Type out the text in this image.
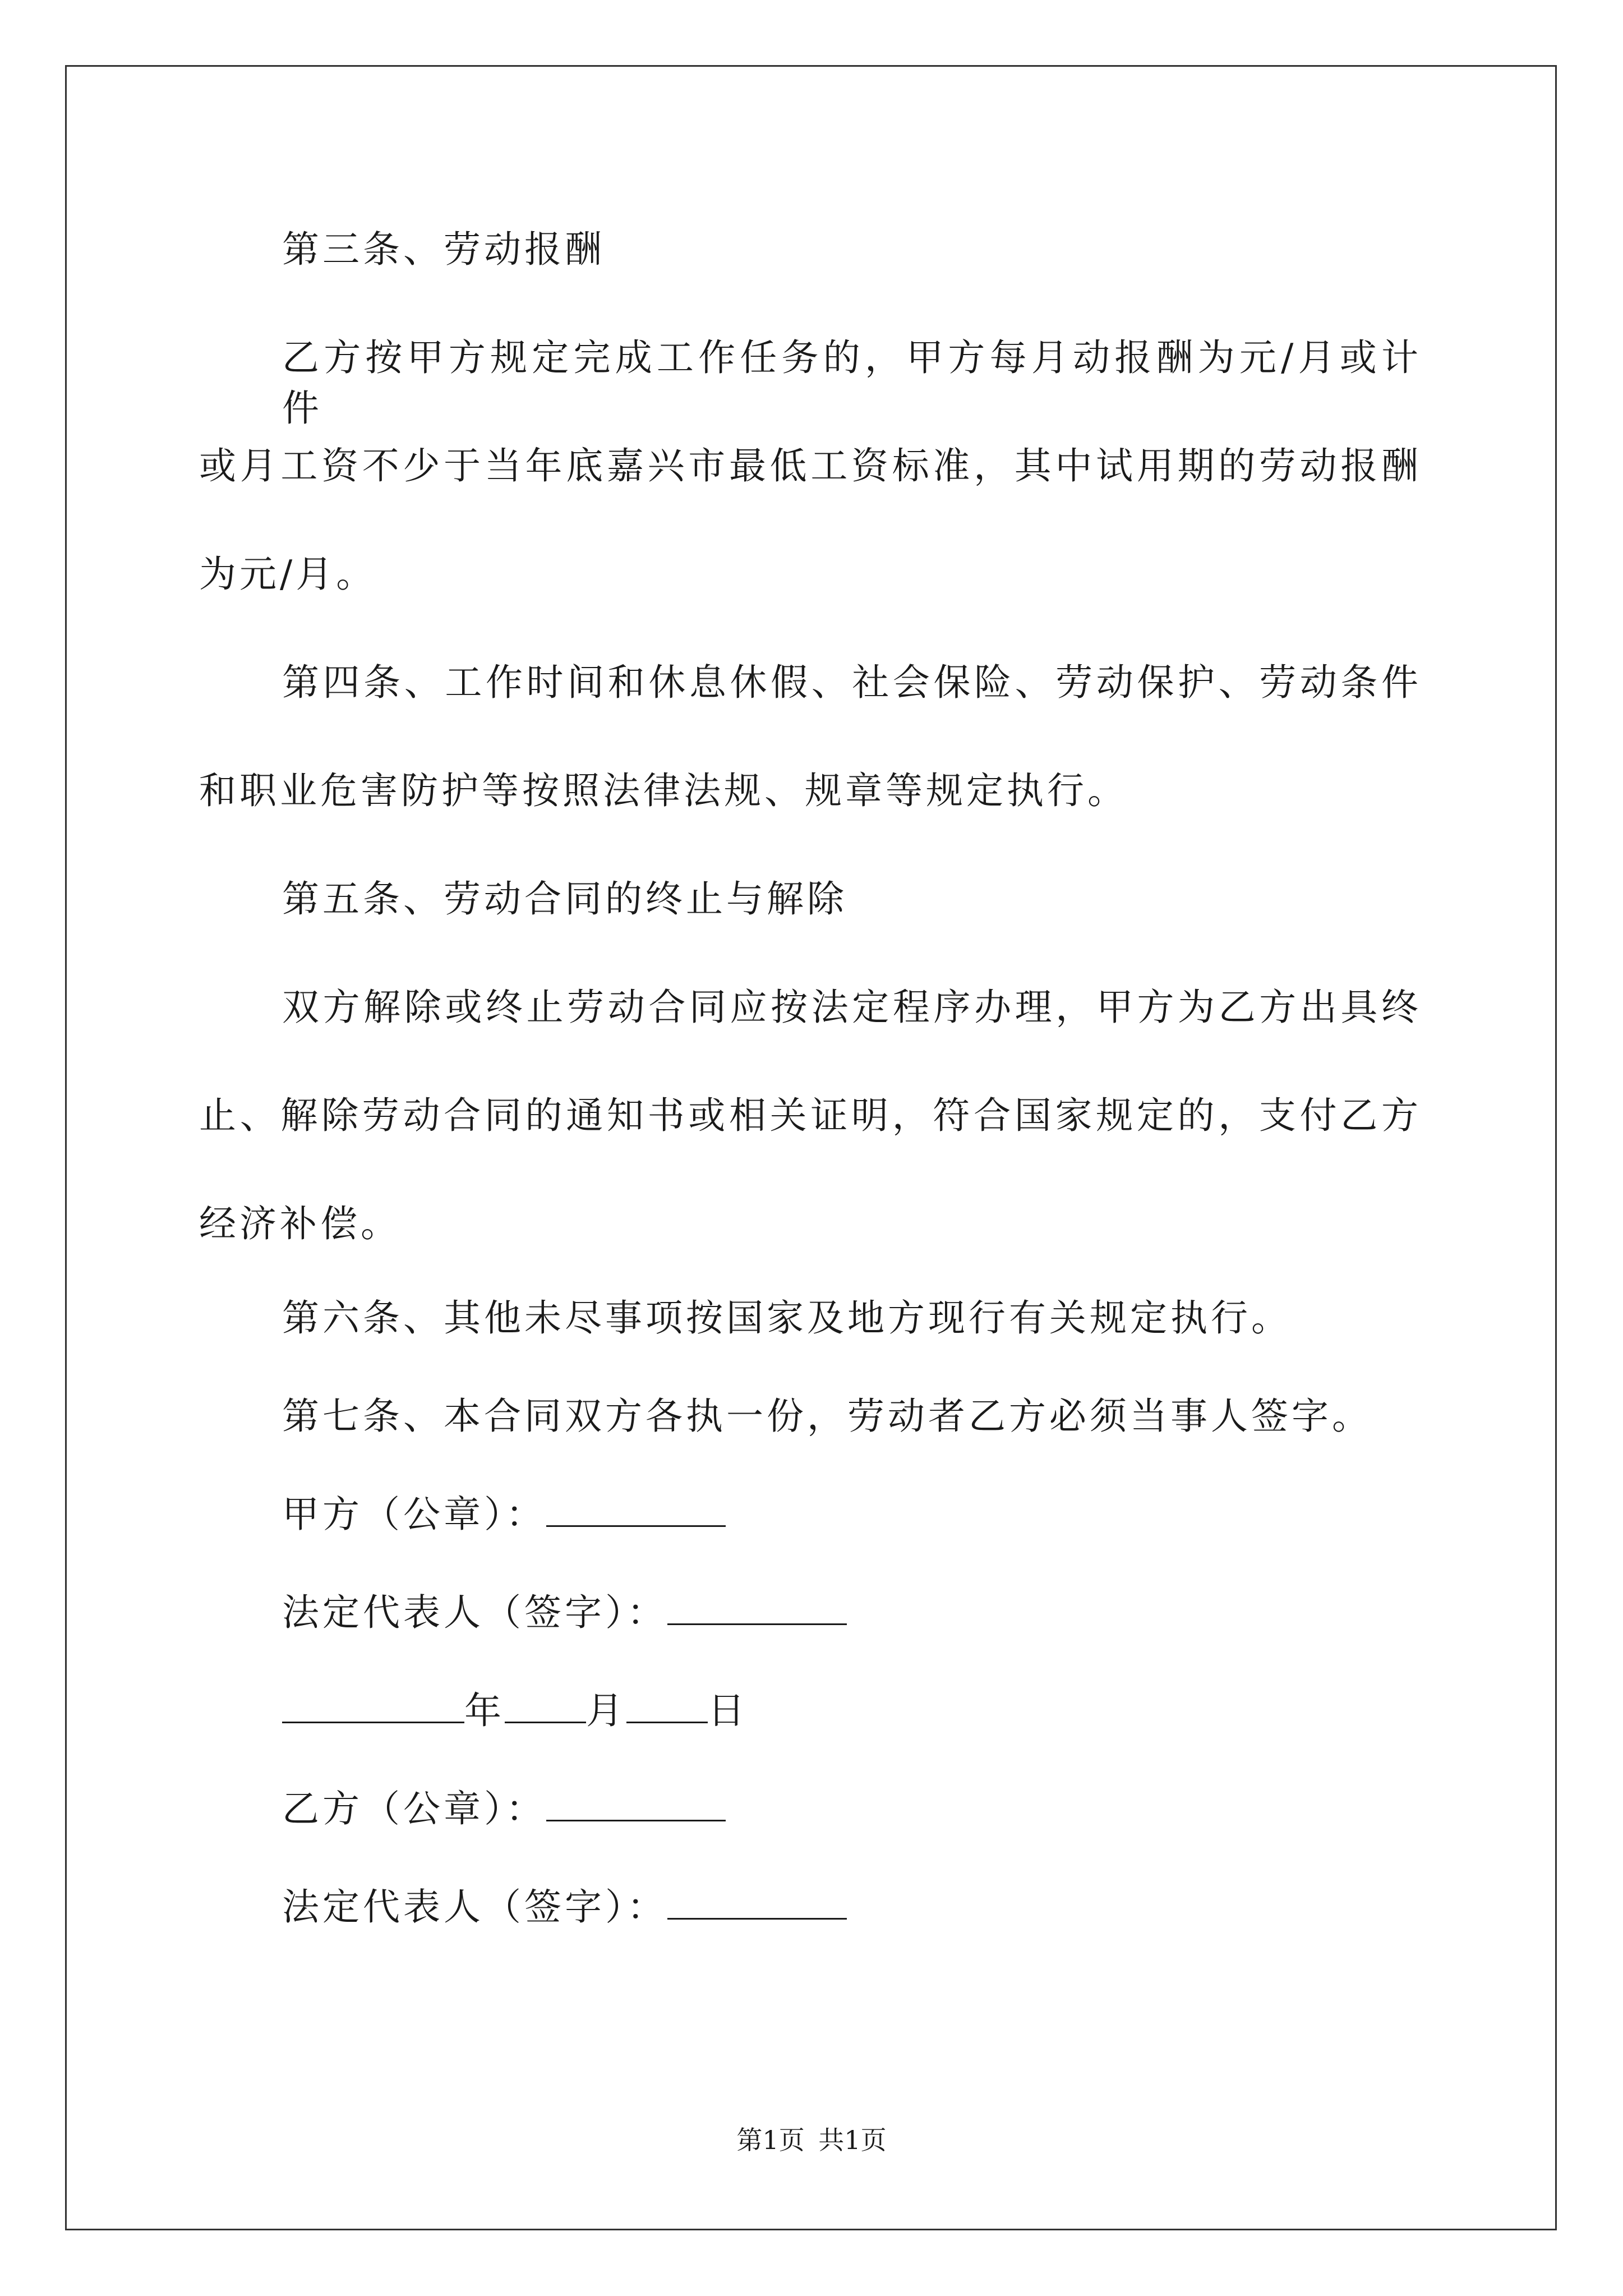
第三条、劳动报酬
乙方按甲方规定完成工作任务的，甲方每月动报酬为元/月或计件
或月工资不少于当年底嘉兴市最低工资标准，其中试用期的劳动报酬
为元/月。
第四条、工作时间和休息休假、社会保险、劳动保护、劳动条件
和职业危害防护等按照法律法规、规章等规定执行。
第五条、劳动合同的终止与解除
双方解除或终止劳动合同应按法定程序办理，甲方为乙方出具终
止、解除劳动合同的通知书或相关证明，符合国家规定的，支付乙方
经济补偿。
第六条、其他未尽事项按国家及地方现行有关规定执行。
第七条、本合同双方各执一份，劳动者乙方必须当事人签字。
甲方（公章）：
法定代表人（签字）：
年 月 日
乙方（公章）：
法定代表人（签字）：
第1页 共1页
